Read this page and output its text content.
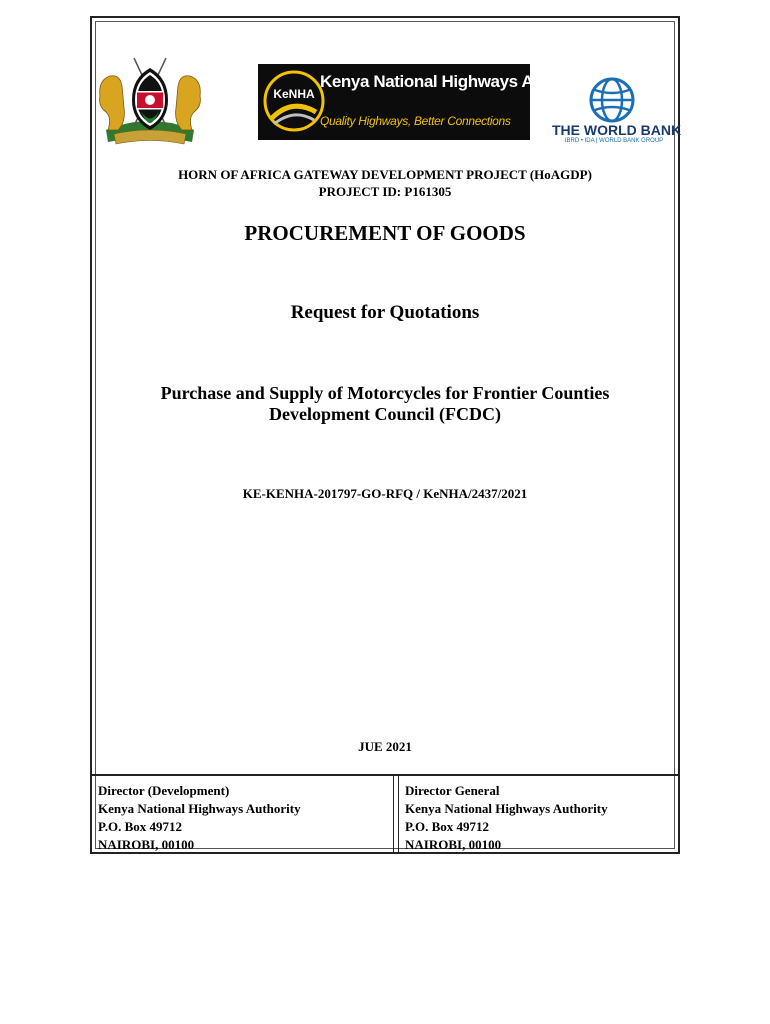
KeNHA
Kenya National Highways Authority
Quality Highways, Better Connections
THE WORLD BANK
IBRD • IDA | WORLD BANK GROUP
HORN OF AFRICA GATEWAY DEVELOPMENT PROJECT (HoAGDP)
PROJECT ID: P161305
PROCUREMENT OF GOODS
Request for Quotations
Purchase and Supply of Motorcycles for Frontier Counties
Development Council (FCDC)
KE-KENHA-201797-GO-RFQ / KeNHA/2437/2021
JUE 2021
Director (Development)
Kenya National Highways Authority
P.O. Box 49712
NAIROBI, 00100
Director General
Kenya National Highways Authority
P.O. Box 49712
NAIROBI, 00100
